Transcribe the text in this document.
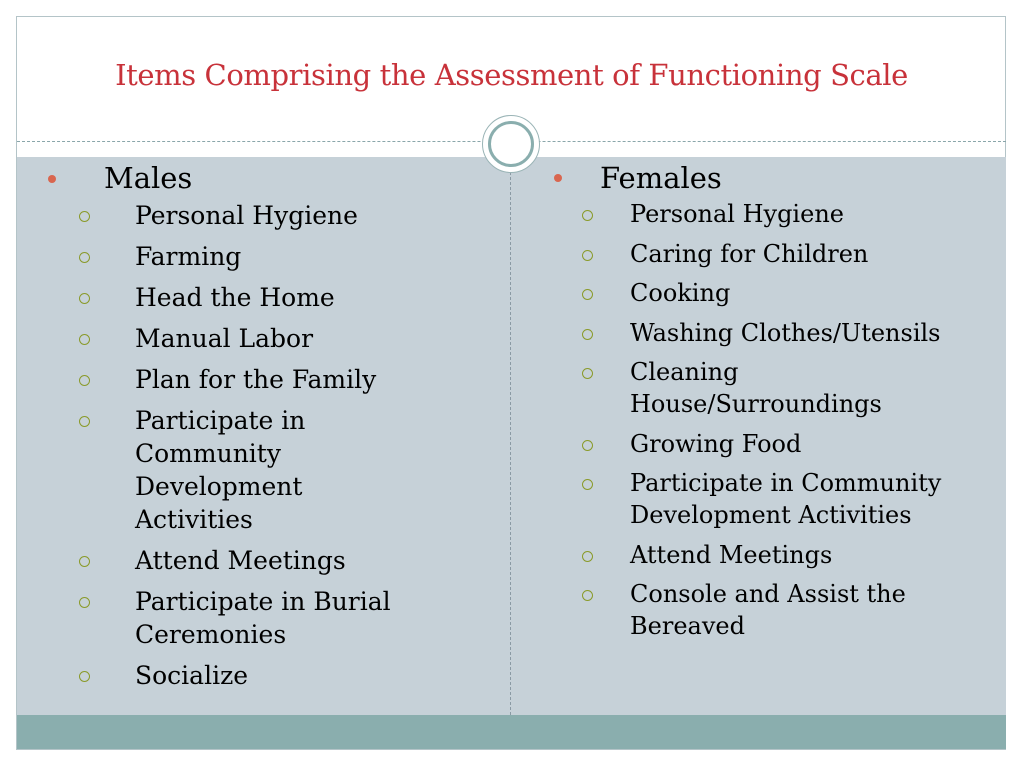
Items Comprising the Assessment of Functioning Scale
Males
Personal Hygiene
Farming
Head the Home
Manual Labor
Plan for the Family
Participate in Community Development Activities
Attend Meetings
Participate in Burial Ceremonies
Socialize
Females
Personal Hygiene
Caring for Children
Cooking
Washing Clothes/Utensils
Cleaning House/Surroundings
Growing Food
Participate in Community Development Activities
Attend Meetings
Console and Assist the Bereaved
